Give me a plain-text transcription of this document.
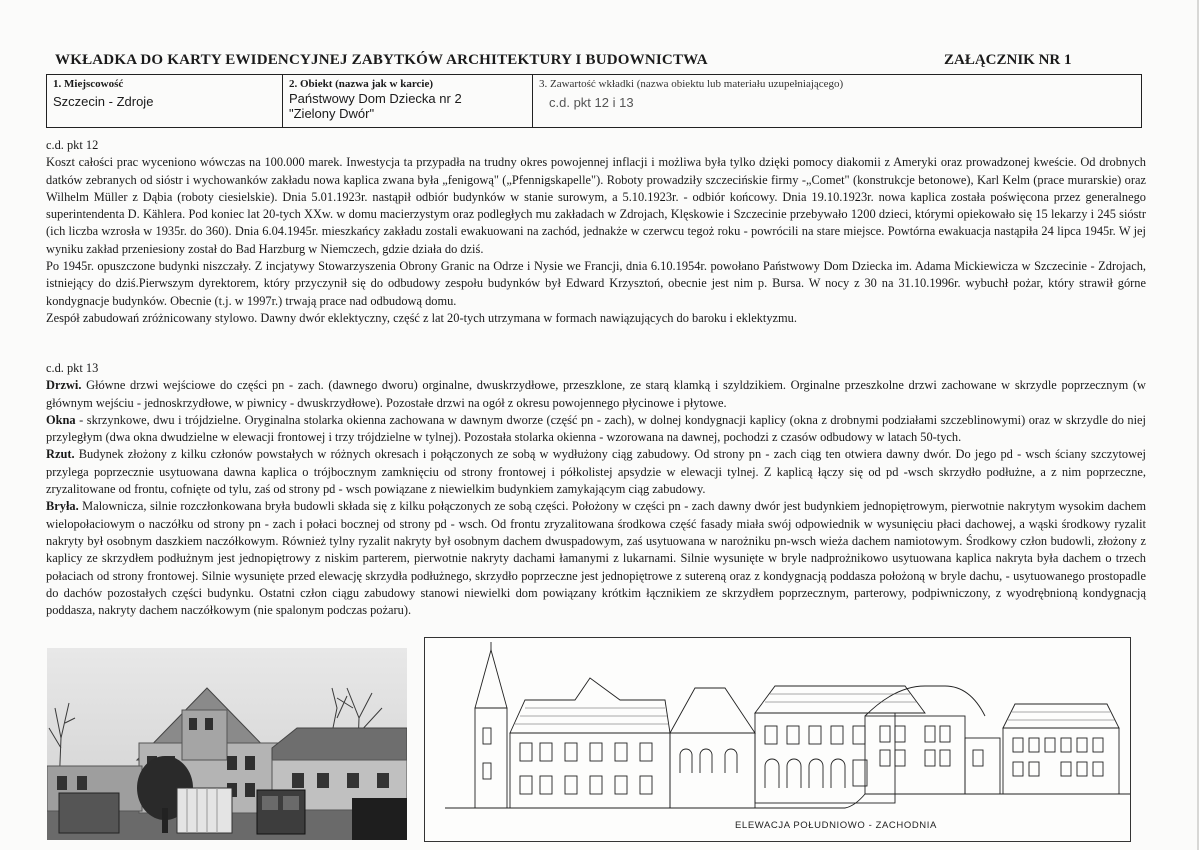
WKŁADKA DO KARTY EWIDENCYJNEJ ZABYTKÓW ARCHITEKTURY I BUDOWNICTWA	ZAŁĄCZNIK NR 1
1. Miejscowość
Szczecin - Zdroje
2. Obiekt (nazwa jak w karcie)
Państwowy Dom Dziecka nr 2
"Zielony Dwór"
3. Zawartość wkładki (nazwa obiektu lub materiału uzupełniającego)
c.d. pkt 12 i 13
c.d. pkt 12
Koszt całości prac wyceniono wówczas na 100.000 marek. Inwestycja ta przypadła na trudny okres powojennej inflacji i możliwa była tylko dzięki pomocy diakomii z Ameryki oraz prowadzonej kweście. Od drobnych datków zebranych od sióstr i wychowanków zakładu nowa kaplica zwana była „fenigową" („Pfennigskapelle"). Roboty prowadziły szczecińskie firmy -„Comet" (konstrukcje betonowe), Karl Kelm (prace murarskie) oraz Wilhelm Müller z Dąbia (roboty ciesielskie). Dnia 5.01.1923r. nastąpił odbiór budynków w stanie surowym, a 5.10.1923r. - odbiór końcowy. Dnia 19.10.1923r. nowa kaplica została poświęcona przez generalnego superintendenta D. Kählera. Pod koniec lat 20-tych XXw. w domu macierzystym oraz podległych mu zakładach w Zdrojach, Klęskowie i Szczecinie przebywało 1200 dzieci, którymi opiekowało się 15 lekarzy i 245 sióstr (ich liczba wzrosła w 1935r. do 360). Dnia 6.04.1945r. mieszkańcy zakładu zostali ewakuowani na zachód, jednakże w czerwcu tegoż roku - powrócili na stare miejsce. Powtórna ewakuacja nastąpiła 24 lipca 1945r. W jej wyniku zakład przeniesiony został do Bad Harzburg w Niemczech, gdzie działa do dziś.
Po 1945r. opuszczone budynki niszczały. Z incjatywy Stowarzyszenia Obrony Granic na Odrze i Nysie we Francji, dnia 6.10.1954r. powołano Państwowy Dom Dziecka im. Adama Mickiewicza w Szczecinie - Zdrojach, istniejący do dziś.Pierwszym dyrektorem, który przyczynił się do odbudowy zespołu budynków był Edward Krzysztoń, obecnie jest nim p. Bursa. W nocy z 30 na 31.10.1996r. wybuchł pożar, który strawił górne kondygnacje budynków. Obecnie (t.j. w 1997r.) trwają prace nad odbudową domu.
Zespół zabudowań zróżnicowany stylowo. Dawny dwór eklektyczny, część z lat 20-tych utrzymana w formach nawiązujących do baroku i eklektyzmu.
c.d. pkt 13
Drzwi. Główne drzwi wejściowe do części pn - zach. (dawnego dworu) orginalne, dwuskrzydłowe, przeszklone, ze starą klamką i szyldzikiem. Orginalne przeszkolne drzwi zachowane w skrzydle poprzecznym (w głównym wejściu - jednoskrzydłowe, w piwnicy - dwuskrzydłowe). Pozostałe drzwi na ogół z okresu powojennego płycinowe i płytowe.
Okna - skrzynkowe, dwu i trójdzielne. Oryginalna stolarka okienna zachowana w dawnym dworze (część pn - zach), w dolnej kondygnacji kaplicy (okna z drobnymi podziałami szczeblinowymi) oraz w skrzydle do niej przyległym (dwa okna dwudzielne w elewacji frontowej i trzy trójdzielne w tylnej). Pozostała stolarka okienna - wzorowana na dawnej, pochodzi z czasów odbudowy w latach 50-tych.
Rzut. Budynek złożony z kilku członów powstałych w różnych okresach i połączonych ze sobą w wydłużony ciąg zabudowy. Od strony pn - zach ciąg ten otwiera dawny dwór. Do jego pd - wsch ściany szczytowej przylega poprzecznie usytuowana dawna kaplica o trójbocznym zamknięciu od strony frontowej i półkolistej apsydzie w elewacji tylnej. Z kaplicą łączy się od pd -wsch skrzydło podłużne, a z nim poprzeczne, zryzalitowane od frontu, cofnięte od tylu, zaś od strony pd - wsch powiązane z niewielkim budynkiem zamykającym ciąg zabudowy.
Bryła. Malownicza, silnie rozczłonkowana bryła budowli składa się z kilku połączonych ze sobą części. Położony w części pn - zach dawny dwór jest budynkiem jednopiętrowym, pierwotnie nakrytym wysokim dachem wielopołaciowym o naczółku od strony pn - zach i połaci bocznej od strony pd - wsch. Od frontu zryzalitowana środkowa część fasady miała swój odpowiednik w wysunięciu płaci dachowej, a wąski środkowy ryzalit nakryty był osobnym daszkiem naczółkowym. Również tylny ryzalit nakryty był osobnym dachem dwuspadowym, zaś usytuowana w narożniku pn-wsch wieża dachem namiotowym. Środkowy człon budowli, złożony z kaplicy ze skrzydłem podłużnym jest jednopiętrowy z niskim parterem, pierwotnie nakryty dachami łamanymi z lukarnami. Silnie wysunięte w bryle nadprożnikowo usytuowana kaplica nakryta była dachem o trzech połaciach od strony frontowej. Silnie wysunięte przed elewację skrzydła podłużnego, skrzydło poprzeczne jest jednopiętrowe z sutereną oraz z kondygnacją poddasza położoną w bryle dachu, - usytuowanego prostopadle do dachów pozostałych części budynku. Ostatni człon ciągu zabudowy stanowi niewielki dom powiązany krótkim łącznikiem ze skrzydłem poprzecznym, parterowy, podpiwniczony, z wyodrębnioną kondygnacją poddasza, nakryty dachem naczółkowym (nie spalonym podczas pożaru).
ELEWACJA POŁUDNIOWO - ZACHODNIA
